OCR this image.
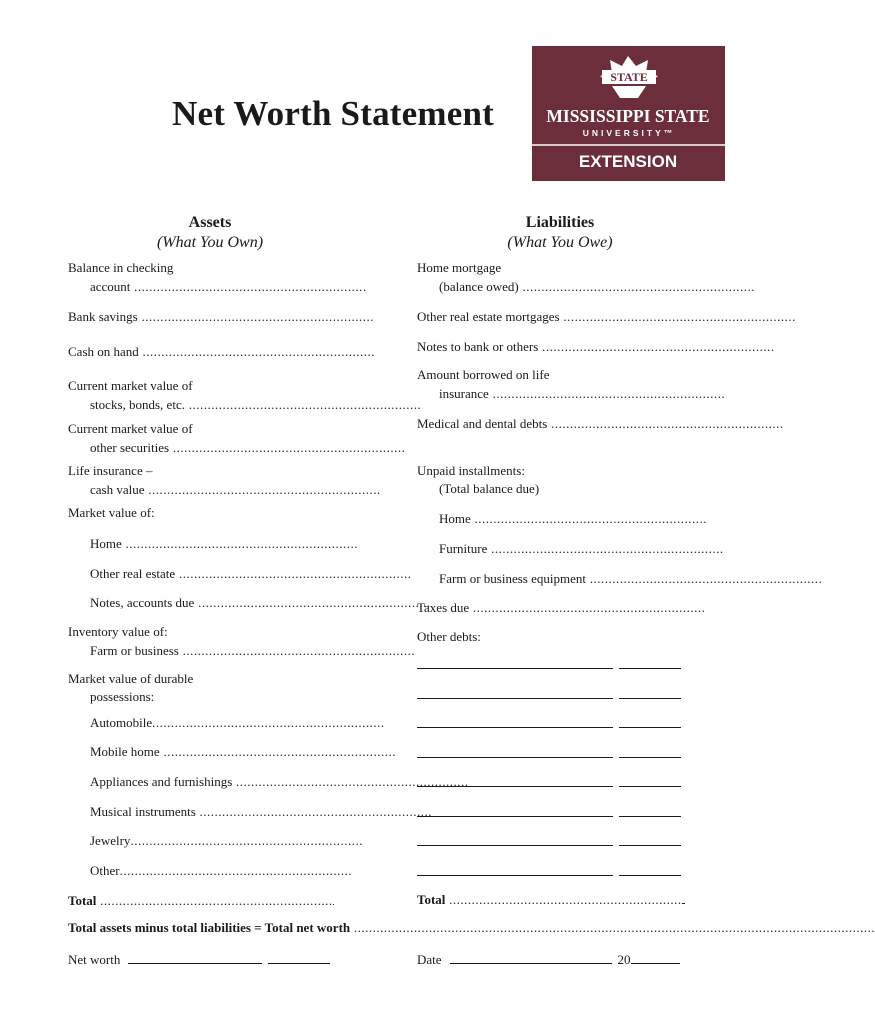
Net Worth Statement
STATE
MISSISSIPPI STATE
UNIVERSITY™
EXTENSION
Assets
(What You Own)
Liabilities
(What You Owe)
Balance in checking
account ..............................................................
Bank savings ..............................................................
Cash on hand ..............................................................
Current market value of
stocks, bonds, etc. ..............................................................
Current market value of
other securities ..............................................................
Life insurance –
cash value ..............................................................
Market value of:
Home ..............................................................
Other real estate ..............................................................
Notes, accounts due ..............................................................
Inventory value of:
Farm or business ..............................................................
Market value of durable
possessions:
Automobile ..............................................................
Mobile home ..............................................................
Appliances and furnishings ..............................................................
Musical instruments ..............................................................
Jewelry ..............................................................
Other ..............................................................
Total ..............................................................
Home mortgage
(balance owed) ..............................................................
Other real estate mortgages ..............................................................
Notes to bank or others ..............................................................
Amount borrowed on life
insurance ..............................................................
Medical and dental debts ..............................................................
Unpaid installments:
(Total balance due)
Home ..............................................................
Furniture ..............................................................
Farm or business equipment ..............................................................
Taxes due ..............................................................
Other debts:
Total ..............................................................
Total assets minus total liabilities = Total net worth ...........................................................................................................................................
Net worth	Date	20
